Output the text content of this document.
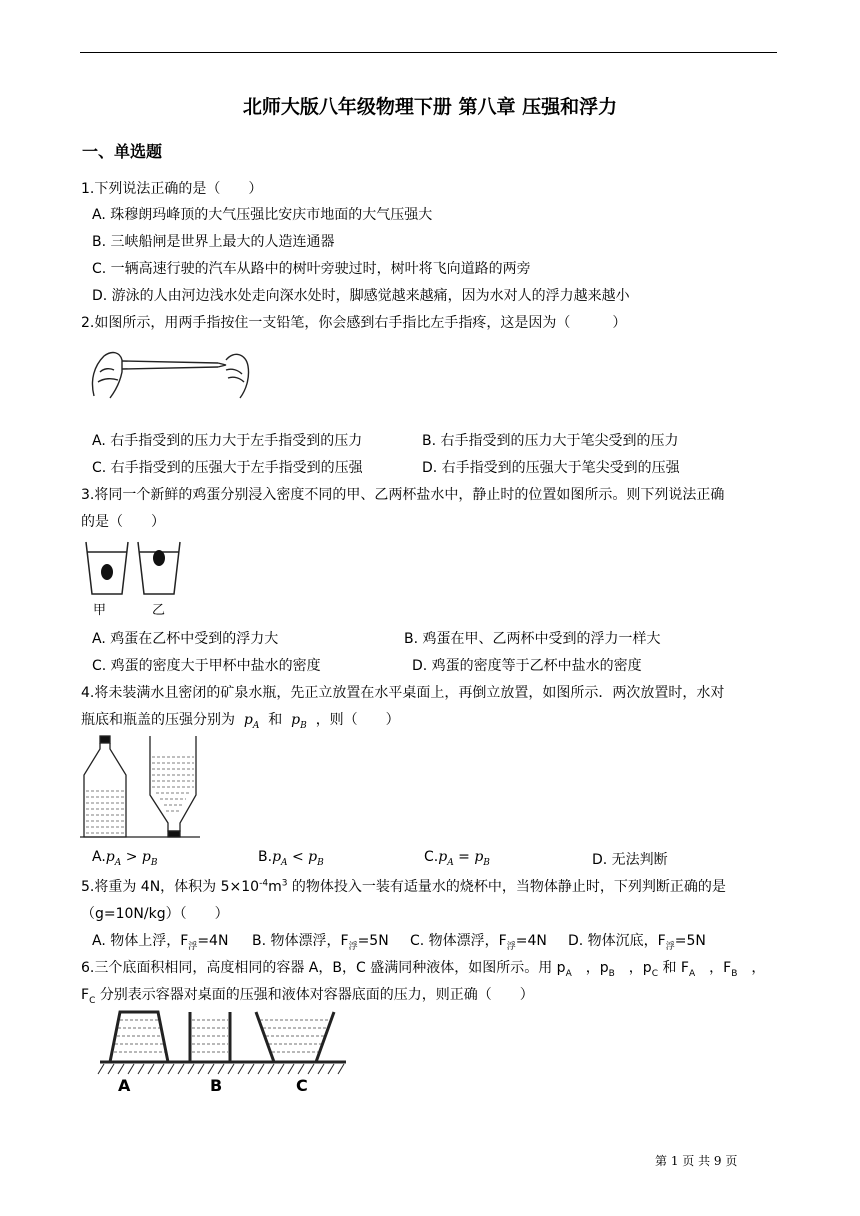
北师大版八年级物理下册 第八章 压强和浮力
一、单选题
1.下列说法正确的是（　　）
A. 珠穆朗玛峰顶的大气压强比安庆市地面的大气压强大
B. 三峡船闸是世界上最大的人造连通器
C. 一辆高速行驶的汽车从路中的树叶旁驶过时，树叶将飞向道路的两旁
D. 游泳的人由河边浅水处走向深水处时，脚感觉越来越痛，因为水对人的浮力越来越小
2.如图所示，用两手指按住一支铅笔，你会感到右手指比左手指疼，这是因为（　　　）
A. 右手指受到的压力大于左手指受到的压力	B. 右手指受到的压力大于笔尖受到的压力
C. 右手指受到的压强大于左手指受到的压强	D. 右手指受到的压强大于笔尖受到的压强
3.将同一个新鲜的鸡蛋分别浸入密度不同的甲、乙两杯盐水中，静止时的位置如图所示。则下列说法正确
的是（　　）
甲	乙
A. 鸡蛋在乙杯中受到的浮力大	B. 鸡蛋在甲、乙两杯中受到的浮力一样大
C. 鸡蛋的密度大于甲杯中盐水的密度	D. 鸡蛋的密度等于乙杯中盐水的密度
4.将未装满水且密闭的矿泉水瓶，先正立放置在水平桌面上，再倒立放置，如图所示．两次放置时，水对
瓶底和瓶盖的压强分别为  $p_A$ 和  $p_B$ ，则（　　）
$A.p_A > p_B$	$B.p_A < p_B$	$C.p_A = p_B$	D. 无法判断
5.将重为 4N，体积为 $5\times 10^{-4}m^3$ 的物体投入一装有适量水的烧杯中，当物体静止时，下列判断正确的是
（g=10N/kg）（　　）
A. 物体上浮，$F_浮=4N$ B. 物体漂浮，$F_浮=5N$ C. 物体漂浮，$F_浮=4N$ D. 物体沉底，$F_浮=5N$
6.三个底面积相同，高度相同的容器 A，B，C 盛满同种液体，如图所示。用 $p_A$　，$p_B$　，$p_C$ 和 $F_A$　，$F_B$　，
$F_C$ 分别表示容器对桌面的压强和液体对容器底面的压力，则正确（　　）
A	B	C
第 1 页 共 9 页
